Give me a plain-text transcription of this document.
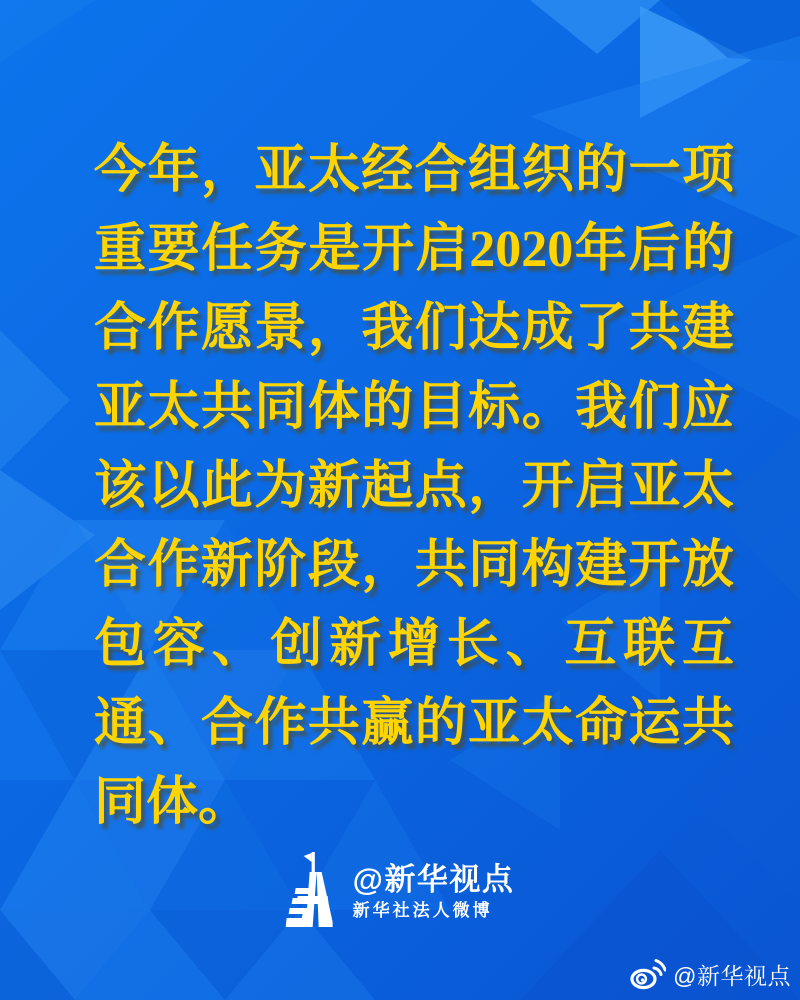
今年，亚太经合组织的一项
重要任务是开启2020年后的
合作愿景，我们达成了共建
亚太共同体的目标。我们应
该以此为新起点，开启亚太
合作新阶段，共同构建开放
包容、创新增长、互联互
通、合作共赢的亚太命运共
同体。
@新华视点
新华社法人微博
@新华视点
